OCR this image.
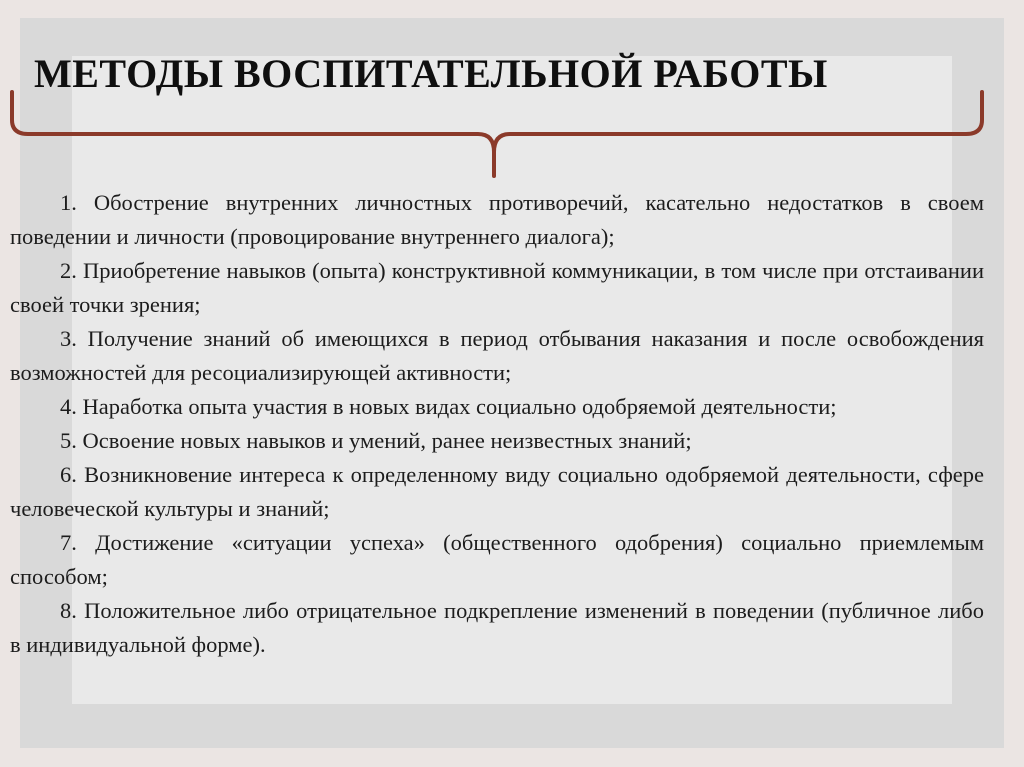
МЕТОДЫ ВОСПИТАТЕЛЬНОЙ РАБОТЫ

1. Обострение внутренних личностных противоречий, касательно недостатков в своем поведении и личности (провоцирование внутреннего диалога);

2. Приобретение навыков (опыта) конструктивной коммуникации, в том числе при отстаивании своей точки зрения;

3. Получение знаний об имеющихся в период отбывания наказания и после освобождения возможностей для ресоциализирующей активности;

4. Наработка опыта участия в новых видах социально одобряемой деятельности;

5. Освоение новых навыков и умений, ранее неизвестных знаний;

6. Возникновение интереса к определенному виду социально одобряемой деятельности, сфере человеческой культуры и знаний;

7. Достижение «ситуации успеха» (общественного одобрения) социально приемлемым способом;

8. Положительное либо отрицательное подкрепление изменений в поведении (публичное либо в индивидуальной форме).
